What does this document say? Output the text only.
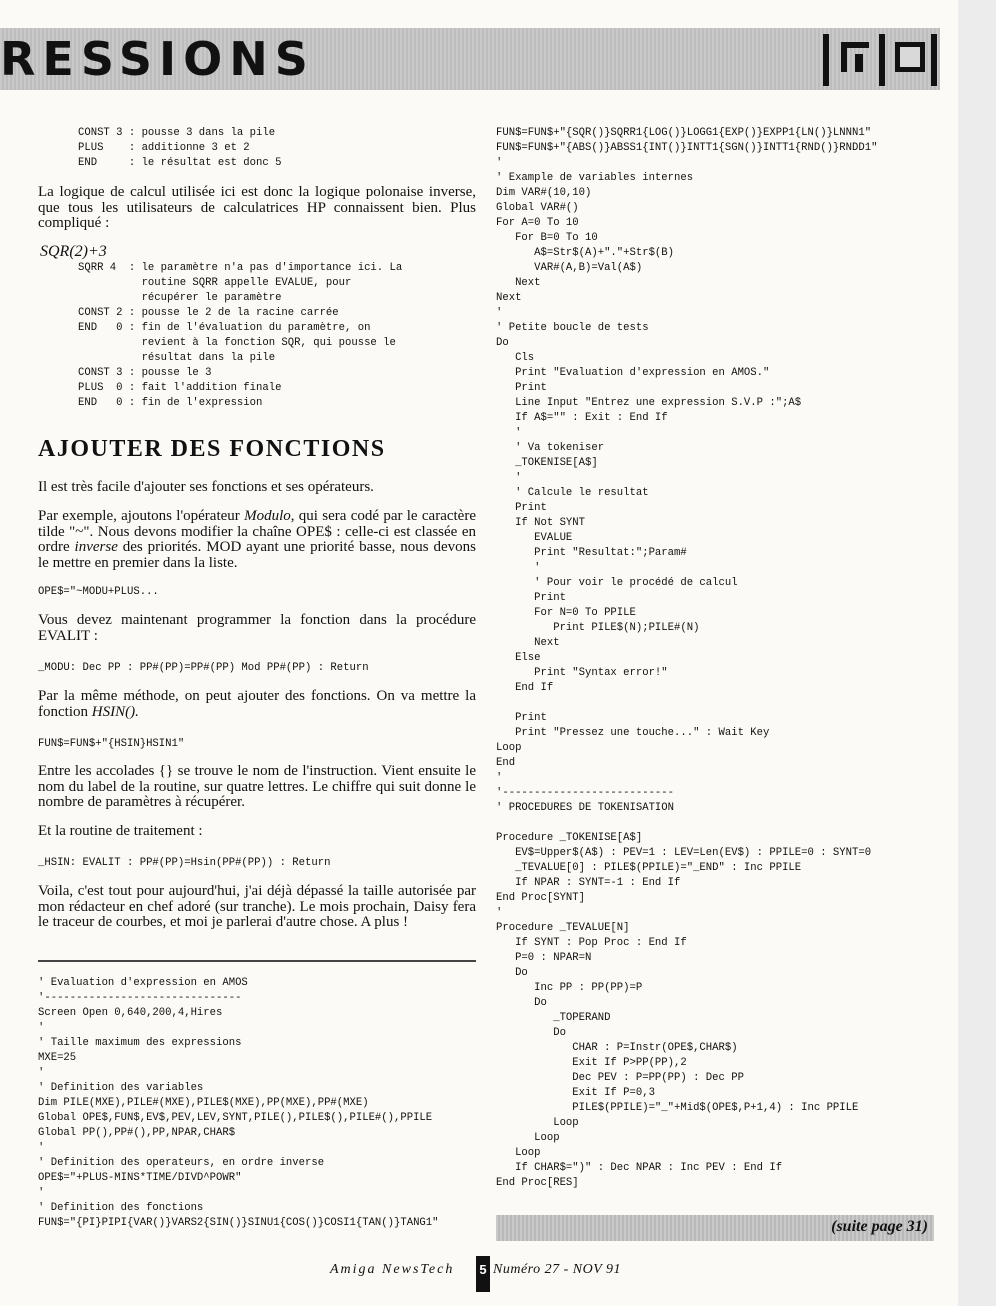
RESSIONS
CONST 3 : pousse 3 dans la pile
PLUS    : additionne 3 et 2
END     : le résultat est donc 5
La logique de calcul utilisée ici est donc la logique polonaise inverse, que tous les utilisateurs de calculatrices HP connaissent bien. Plus compliqué :
SQR(2)+3
SQRR 4  : le paramètre n'a pas d'importance ici. La
routine SQRR appelle EVALUE, pour
récupérer le paramètre
CONST 2 : pousse le 2 de la racine carrée
END   0 : fin de l'évaluation du paramètre, on
revient à la fonction SQR, qui pousse le
résultat dans la pile
CONST 3 : pousse le 3
PLUS  0 : fait l'addition finale
END   0 : fin de l'expression
AJOUTER DES FONCTIONS
Il est très facile d'ajouter ses fonctions et ses opérateurs.
Par exemple, ajoutons l'opérateur Modulo, qui sera codé par le caractère tilde "~". Nous devons modifier la chaîne OPE$ : celle-ci est classée en ordre inverse des priorités. MOD ayant une priorité basse, nous devons le mettre en premier dans la liste.
OPE$="~MODU+PLUS...
Vous devez maintenant programmer la fonction dans la procédure EVALIT :
_MODU: Dec PP : PP#(PP)=PP#(PP) Mod PP#(PP) : Return
Par la même méthode, on peut ajouter des fonctions. On va mettre la fonction HSIN().
FUN$=FUN$+"{HSIN}HSIN1"
Entre les accolades {} se trouve le nom de l'instruction. Vient ensuite le nom du label de la routine, sur quatre lettres. Le chiffre qui suit donne le nombre de paramètres à récupérer.
Et la routine de traitement :
_HSIN: EVALIT : PP#(PP)=Hsin(PP#(PP)) : Return
Voila, c'est tout pour aujourd'hui, j'ai déjà dépassé la taille autorisée par mon rédacteur en chef adoré (sur tranche). Le mois prochain, Daisy fera le traceur de courbes, et moi je parlerai d'autre chose. A plus !
' Evaluation d'expression en AMOS
'-------------------------------
Screen Open 0,640,200,4,Hires
'
' Taille maximum des expressions
MXE=25
'
' Definition des variables
Dim PILE(MXE),PILE#(MXE),PILE$(MXE),PP(MXE),PP#(MXE)
Global OPE$,FUN$,EV$,PEV,LEV,SYNT,PILE(),PILE$(),PILE#(),PPILE
Global PP(),PP#(),PP,NPAR,CHAR$
'
' Definition des operateurs, en ordre inverse
OPE$="+PLUS-MINS*TIME/DIVD^POWR"
'
' Definition des fonctions
FUN$="{PI}PIPI{VAR()}VARS2{SIN()}SINU1{COS()}COSI1{TAN()}TANG1"
FUN$=FUN$+"{SQR()}SQRR1{LOG()}LOGG1{EXP()}EXPP1{LN()}LNNN1"
FUN$=FUN$+"{ABS()}ABSS1{INT()}INTT1{SGN()}INTT1{RND()}RNDD1"
'
' Example de variables internes
Dim VAR#(10,10)
Global VAR#()
For A=0 To 10
For B=0 To 10
A$=Str$(A)+"."+Str$(B)
VAR#(A,B)=Val(A$)
Next
Next
'
' Petite boucle de tests
Do
Cls
Print "Evaluation d'expression en AMOS."
Print
Line Input "Entrez une expression S.V.P :";A$
If A$="" : Exit : End If
'
' Va tokeniser
_TOKENISE[A$]
'
' Calcule le resultat
Print
If Not SYNT
EVALUE
Print "Resultat:";Param#
'
' Pour voir le procédé de calcul
Print
For N=0 To PPILE
Print PILE$(N);PILE#(N)
Next
Else
Print "Syntax error!"
End If

Print
Print "Pressez une touche..." : Wait Key
Loop
End
'
'---------------------------
' PROCEDURES DE TOKENISATION

Procedure _TOKENISE[A$]
EV$=Upper$(A$) : PEV=1 : LEV=Len(EV$) : PPILE=0 : SYNT=0
_TEVALUE[0] : PILE$(PPILE)="_END" : Inc PPILE
If NPAR : SYNT=-1 : End If
End Proc[SYNT]
'
Procedure _TEVALUE[N]
If SYNT : Pop Proc : End If
P=0 : NPAR=N
Do
Inc PP : PP(PP)=P
Do
_TOPERAND
Do
CHAR : P=Instr(OPE$,CHAR$)
Exit If P>PP(PP),2
Dec PEV : P=PP(PP) : Dec PP
Exit If P=0,3
PILE$(PPILE)="_"+Mid$(OPE$,P+1,4) : Inc PPILE
Loop
Loop
Loop
If CHAR$=")" : Dec NPAR : Inc PEV : End If
End Proc[RES]
(suite page 31)
Amiga NewsTech 5 Numéro 27 - NOV 91
